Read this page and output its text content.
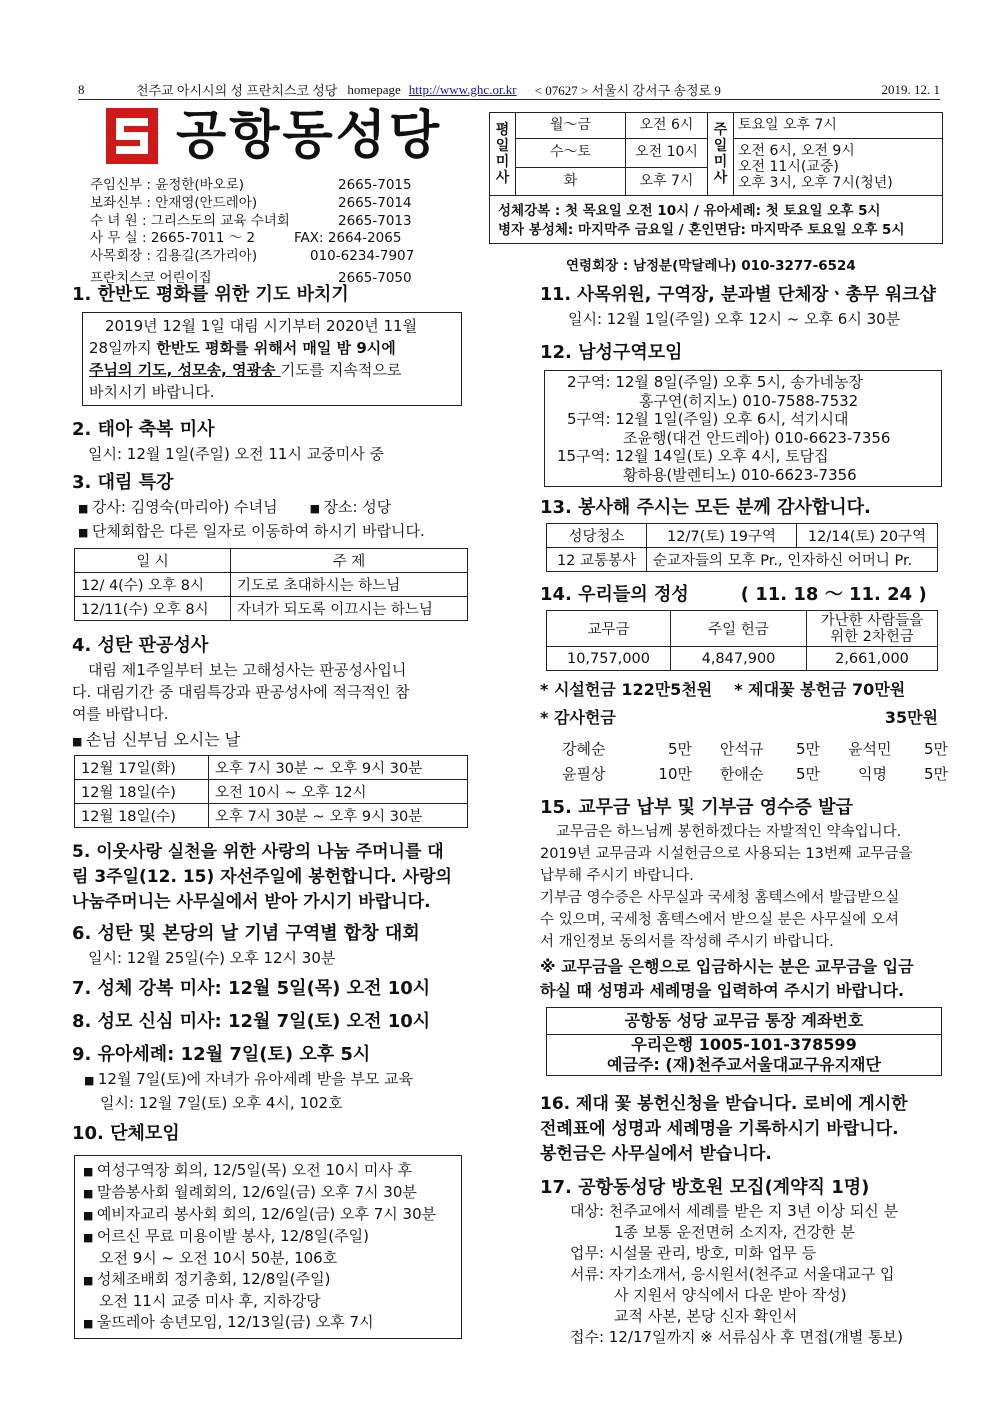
8	천주교 아시시의 성 프란치스코 성당 homepage http://www.ghc.or.kr < 07627 > 서울시 강서구 송정로 9	2019. 12. 1
공항동성당
주임신부 : 윤정한(바오로)	2665-7015
보좌신부 : 안재영(안드레아)	2665-7014
수 녀 원 : 그리스도의 교육 수녀회	2665-7013
사 무 실 : 2665-7011 ～ 2	FAX: 2664-2065
사목회장 : 김용길(즈가리아)	010-6234-7907
프란치스코 어린이집	2665-7050
평일미사	월～금	오전 6시	주일미사	토요일 오후 7시
	수～토	오전 10시		오전 6시, 오전 9시
오전 11시(교중)
오후 3시, 오후 7시(청년)

	화	오후 7시		
성체강복 : 첫 목요일 오전 10시 / 유아세례: 첫 토요일 오후 5시
병자 봉성체: 마지막주 금요일 / 혼인면담: 마지막주 토요일 오후 5시
연령회장 : 남정분(막달레나) 010-3277-6524
1. 한반도 평화를 위한 기도 바치기
2019년 12월 1일 대림 시기부터 2020년 11월
28일까지 한반도 평화를 위해서 매일 밤 9시에
주님의 기도, 성모송, 영광송 기도를 지속적으로
바치시기 바랍니다.
2. 태아 축복 미사
일시: 12월 1일(주일) 오전 11시 교중미사 중
3. 대림 특강
■ 강사: 김영숙(마리아) 수녀님	■ 장소: 성당
■ 단체회합은 다른 일자로 이동하여 하시기 바랍니다.
일 시	주 제
12/ 4(수) 오후 8시	기도로 초대하시는 하느님
12/11(수) 오후 8시	자녀가 되도록 이끄시는 하느님
4. 성탄 판공성사
대림 제1주일부터 보는 고해성사는 판공성사입니
다. 대림기간 중 대림특강과 판공성사에 적극적인 참
여를 바랍니다.
■ 손님 신부님 오시는 날
12월 17일(화)	오후 7시 30분 ~ 오후 9시 30분
12월 18일(수)	오전 10시 ~ 오후 12시
12월 18일(수)	오후 7시 30분 ~ 오후 9시 30분
5. 이웃사랑 실천을 위한 사랑의 나눔 주머니를 대
림 3주일(12. 15) 자선주일에 봉헌합니다. 사랑의
나눔주머니는 사무실에서 받아 가시기 바랍니다.
6. 성탄 및 본당의 날 기념 구역별 합창 대회
일시: 12월 25일(수) 오후 12시 30분
7. 성체 강복 미사: 12월 5일(목) 오전 10시
8. 성모 신심 미사: 12월 7일(토) 오전 10시
9. 유아세례: 12월 7일(토) 오후 5시
■ 12월 7일(토)에 자녀가 유아세례 받을 부모 교육
일시: 12월 7일(토) 오후 4시, 102호
10. 단체모임
■ 여성구역장 회의, 12/5일(목) 오전 10시 미사 후
■ 말씀봉사회 월례회의, 12/6일(금) 오후 7시 30분
■ 예비자교리 봉사회 회의, 12/6일(금) 오후 7시 30분
■ 어르신 무료 미용이발 봉사, 12/8일(주일)
오전 9시 ~ 오전 10시 50분, 106호
■ 성체조배회 정기총회, 12/8일(주일)
오전 11시 교중 미사 후, 지하강당
■ 울뜨레아 송년모임, 12/13일(금) 오후 7시
11. 사목위원, 구역장, 분과별 단체장ㆍ총무 워크샵
일시: 12월 1일(주일) 오후 12시 ~ 오후 6시 30분
12. 남성구역모임
2구역: 12월 8일(주일) 오후 5시, 송가네농장
홍구연(히지노) 010-7588-7532
5구역: 12월 1일(주일) 오후 6시, 석기시대
조윤행(대건 안드레아) 010-6623-7356
15구역: 12월 14일(토) 오후 4시, 토담집
황하용(발렌티노) 010-6623-7356
13. 봉사해 주시는 모든 분께 감사합니다.
성당청소	12/7(토) 19구역	12/14(토) 20구역
12 교통봉사	순교자들의 모후 Pr., 인자하신 어머니 Pr.	
14. 우리들의 정성	( 11. 18 ～ 11. 24 )
교무금	주일 헌금	가난한 사람들을
위한 2차헌금

10,757,000	4,847,900	2,661,000
* 시설헌금 122만5천원 * 제대꽃 봉헌금 70만원
* 감사헌금	35만원
강혜순	5만 안석규	5만 윤석민	5만
윤필상	10만 한애순	5만	익명	5만
15. 교무금 납부 및 기부금 영수증 발급
교무금은 하느님께 봉헌하겠다는 자발적인 약속입니다.
2019년 교무금과 시설헌금으로 사용되는 13번째 교무금을
납부해 주시기 바랍니다.
기부금 영수증은 사무실과 국세청 홈텍스에서 발급받으실
수 있으며, 국세청 홈텍스에서 받으실 분은 사무실에 오셔
서 개인정보 동의서를 작성해 주시기 바랍니다.
※ 교무금을 은행으로 입금하시는 분은 교무금을 입금
하실 때 성명과 세례명을 입력하여 주시기 바랍니다.
공항동 성당 교무금 통장 계좌번호
우리은행 1005-101-378599
예금주: (재)천주교서울대교구유지재단
16. 제대 꽃 봉헌신청을 받습니다. 로비에 게시한
전례표에 성명과 세례명을 기록하시기 바랍니다.
봉헌금은 사무실에서 받습니다.
17. 공항동성당 방호원 모집(계약직 1명)
대상: 천주교에서 세례를 받은 지 3년 이상 되신 분
1종 보통 운전면허 소지자, 건강한 분
업무: 시설물 관리, 방호, 미화 업무 등
서류: 자기소개서, 응시원서(천주교 서울대교구 입
사 지원서 양식에서 다운 받아 작성)
교적 사본, 본당 신자 확인서
접수: 12/17일까지 ※ 서류심사 후 면접(개별 통보)
